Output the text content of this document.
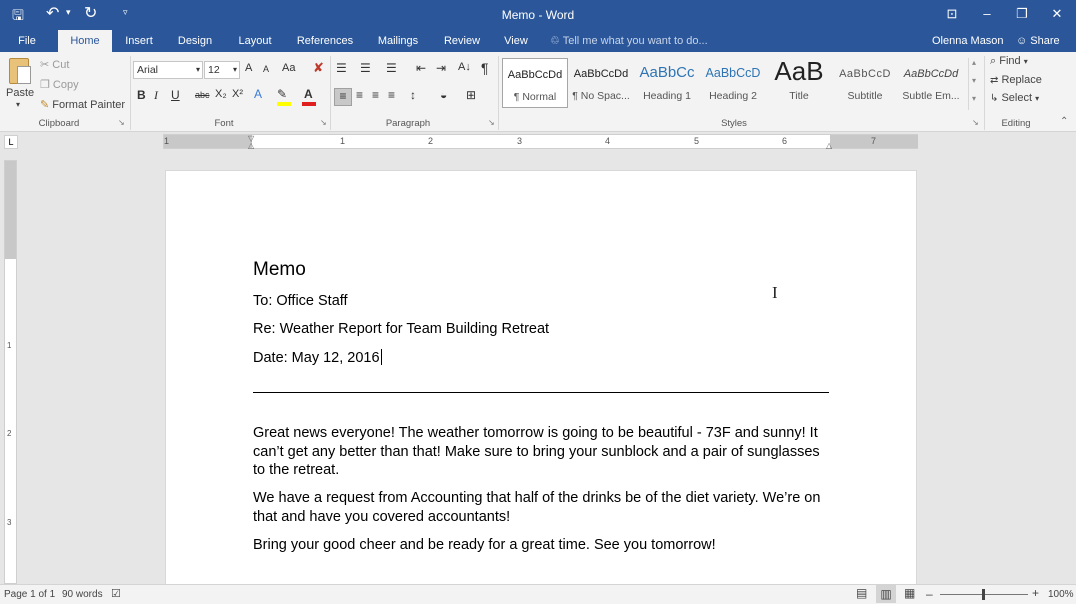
🖫 ↶ ▾ ↻	▿	Memo - Word	⊡	–	❐	✕
File	Home	Insert	Design	Layout	References	Mailings	Review	View	♲ Tell me what you want to do...	Olenna Mason ☺ Share
Paste
▾
✂ Cut
❐ Copy
✎ Format Painter
Clipboard	↘
Arial	▾ 12 ▾ A A Aa ✘
B I U abc X₂ X² A ✎ A
Font	↘
☰ ☰ ☰ ⇤ ⇥ A↓ ¶
≡ ≡ ≡ ≡ ↕ ◒ ⊞
Paragraph	↘
AaBbCcDd
¶ Normal
AaBbCcDd
¶ No Spac...
AaBbCc
Heading 1
AaBbCcD
Heading 2
AaB
Title
AaBbCcD
Subtitle
AaBbCcDd
Subtle Em...
▴
▾
▾
Styles	↘
⌕ Find ▾
⇄ Replace
↳ Select ▾
Editing	⌃
L	1	1	2	3	4	5	6	7
▽
△	△
1
2
3
Memo
To: Office Staff
Re: Weather Report for Team Building Retreat
Date: May 12, 2016
Great news everyone! The weather tomorrow is going to be beautiful - 73F and sunny! It can’t get any better than that! Make sure to bring your sunblock and a pair of sunglasses to the retreat.
We have a request from Accounting that half of the drinks be of the diet variety. We’re on that and have you covered accountants!
Bring your good cheer and be ready for a great time. See you tomorrow!
I
Page 1 of 1 90 words ☑	▤	▥	▦ –	+ 100%
